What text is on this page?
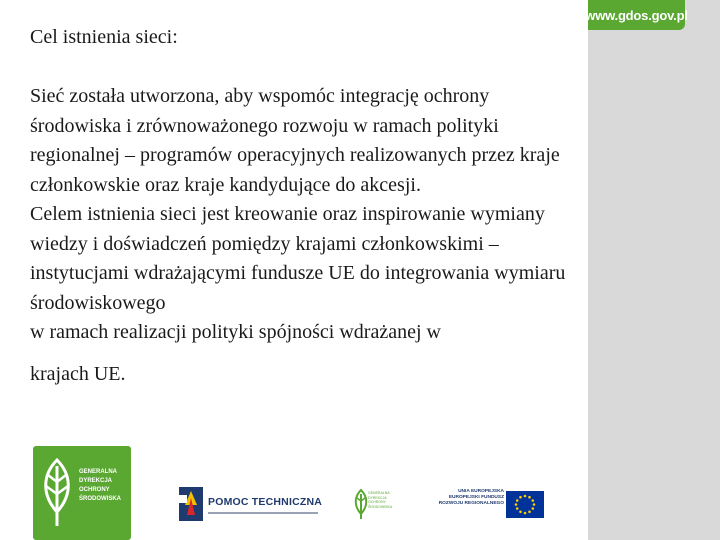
www.gdos.gov.pl
Cel istnienia sieci:

Sieć została utworzona, aby wspomóc integrację ochrony środowiska i zrównoważonego rozwoju w ramach polityki regionalnej – programów operacyjnych realizowanych przez kraje członkowskie oraz kraje kandydujące do akcesji.

Celem istnienia sieci jest kreowanie oraz inspirowanie wymiany wiedzy i doświadczeń pomiędzy krajami członkowskimi – instytucjami wdrażającymi fundusze UE do integrowania wymiaru środowiskowego

w ramach realizacji polityki spójności wdrażanej w

krajach UE.

GENERALNA
DYREKCJA
OCHRONY
ŚRODOWISKA	POMOC TECHNICZNA
GENERALNA DYREKCJA OCHRONY ŚRODOWISKA
UNIA EUROPEJSKA
EUROPEJSKI FUNDUSZ
ROZWOJU REGIONALNEGO
